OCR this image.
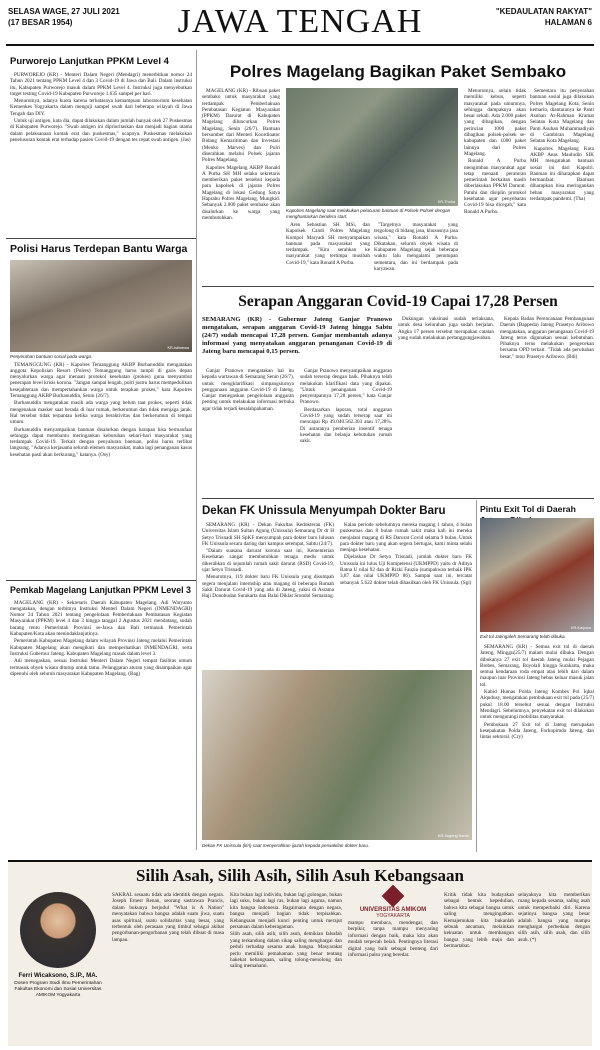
SELASA WAGE, 27 JULI 2021
(17 BESAR 1954)	JAWA TENGAH	"KEDAULATAN RAKYAT"
HALAMAN 6
Purworejo Lanjutkan PPKM Level 4

PURWOREJO (KR) - Menteri Dalam Negeri (Mendagri) menerbitkan nomor 24 Tahun 2021 tentang PPKM Level 4 dan 3 Covid-19 di Jawa dan Bali. Dalam instruksi itu, Kabupaten Purworejo masuk dalam PPKM Level 4. Instruksi juga menyebutkan target testing Covid-19 Kabupaten Purworejo 1.635 sampel per hari.

Menurutnya, adanya kuota karena terbatasnya kemampuan laboratorium kesehatan Kemenkes Yogyakarta dalam menguji sampel swab dari beberapa wilayah di Jawa Tengah dan DIY.

Untuk uji antigen, kata dia, dapat dilakukan dalam jumlah banyak oleh 27 Puskesmas di Kabupaten Purworejo. "Swab antigen ini diprioritaskan dan menjadi bagian utama dalam pelaksanaan kontak erat dan puskesmas," ucapnya. Puskesmas melakukan penelusuran kontak erat terhadap pasien Covid-19 dengan tes cepat swab antigen. (Jas)

Polisi Harus Terdepan Bantu Warga
KR-Istimewa
Penyerahan bantuan sosial pada warga.

TEMANGGUNG (KR) - Kapolres Temanggung AKBP Burhanuddin mengatakan anggota Kepolisian Resort (Polres) Temanggung harus tampil di garis depan menyalurkan warga agar menaati protokol kesehatan (prokes) guna menyambut penerapan level krisis korona. "Jangan sampai lengah, polri justru harus mempedulikan kesejahteraan dan mempertahankan warga untuk terapkan prokes," kata Kapolres Temanggung AKBP Burhanuddin, Senin (26/7).

Burhanuddin mengatakan masih ada warga yang belum taat prokes, seperti tidak mengenakan masker saat berada di luar rumah, berkerumun dan tidak menjaga jarak. Hal tersebut tidak terpantau ketika warga beraktivitas dan berkerumun di tempat umum.

Burhanuddin menyampaikan bantuan disalurkan dengan harapan bisa bermanfaat sehingga dapat membantu meringankan kebutuhan sehari-hari masyarakat yang terdampak Covid-19. Terkait dengan penyaluran bantuan, polisi harus terlibat langsung. "Adanya kerjasama seluruh elemen masyarakat, maka lagi penanganan kasus kesehatan pasti akan berkurang," katanya. (Osy)

Pemkab Magelang Lanjutkan PPKM Level 3

MAGELANG (KR) - Sekretaris Daerah Kabupaten Magelang, Adi Waryanto mengatakan, dengan terbitnya Instruksi Menteri Dalam Negeri (INMENDAGRI) Nomor 24 Tahun 2021 tentang pengelolaan Pemberlakuan Pembatasan Kegiatan Masyarakat (PPKM) level 4 dan 3 hingga tanggal 2 Agustus 2021 mendatang, sudah barang tentu Pemerintah Provinsi se-Jawa dan Bali termasuk Pemerintah Kabupaten/Kota akan menindaklanjutinya.

Pemerintah Kabupaten Magelang dalam wilayah Provinsi Jateng melalui Pemerintah Kabupaten Magelang akan mengikuti dan memperhatikan INMENDAGRI, serta Instruksi Gubernur Jateng. Kabupaten Magelang masuk dalam level 3.

Adi menegaskan, sesuai Instruksi Menteri Dalam Negeri tempat fasilitas umum termasuk obyek wisata ditutup untuk tamu. Pelanggaran aturan yang disampaikan agar dipenuhi oleh seluruh masyarakat Kabupaten Magelang. (Bag)

Polres Magelang Bagikan Paket Sembako

MAGELANG (KR) - Ribuan paket sembako untuk masyarakat yang terdampak Pemberlakuan Pembatasan Kegiatan Masyarakat (PPKM) Darurat di Kabupaten Magelang diluncurkan Polres Magelang, Senin (26/7). Bantuan bersumber dari Menteri Koordinator Bidang Kemaritiman dan Investasi (Menko Marves) dan Polri diserahkan melalui Polsek jajaran Polres Magelang.

Kapolres Magelang AKBP Ronald A Purba SH MH selaku sekretaris memberikan paket tersebut kepada para kapolsek di jajaran Polres Magelang di lokasi Gedung Satya Haprabu Polres Magelang, Mungkid. Sebanyak 2.000 paket sembako akan disalurkan ke warga yang membutuhkan.

KR-Thoha
Kapolres Magelang saat melakukan pelucuran bantuan di Polsek-Polsek dengan menghantarkan bendera start.

Aren Sebastian SH MSi, dan Kapolsek Candi Polres Magelang Kompol Maryadi SH menyampaikan bantuan pada masyarakat yang terdampak. "Kita serahkan ke masyarakat yang tertimpa musibah Covid-19," kata Ronald A Purba.

"Targetnya masyarakat yang tergolong di bidang jasa, khususnya jasa wisata," kata Ronald A Purba. Dikatakan, seluruh obyek wisata di Kabupaten Magelang sejak beberapa waktu lalu mengalami penutupan sementara, dan ini berdampak pada karyawan.

Menurutnya, selain tidak memiliki kebun, seperti masyarakat pada umumnya, sehingga dampaknya akan besar sekali. Ada 2.000 paket yang dibagikan, dengan perincian 1000 paket dibagikan polsek-polsek se-kabupaten dan 1000 paket lainnya dari Polres Magelang.

Ronald A Purba mengimbau masyarakat agar tetap menaati peraturan pemerintah berkaitan masih diberlakukan PPKM Darurat. Patuhi dan disiplin protokol kesehatan agar penyebaran Covid-19 bisa dicegah," kata Ronald A Purba.

Sementara itu penyerahan bantuan sosial juga dilakukan Polres Magelang Kota, Senin kemarin, diantaranya ke Panti Asuhan Ar-Rahman Kramat Selatan Kota Magelang dan Panti Asuhan Muhammadiyah di Gambiran Magelang Selatan Kota Magelang.

Kapolres Magelang Kota AKBP Aeas Mauludin SIK MH mengatakan bantuan sosial ini dari Kapolri. Bantuan ini diharapkan dapat bermanfaat. Bantuan diharapkan bisa meringankan beban masyarakat yang terdampak pandemi. (Tha)

Serapan Anggaran Covid-19 Capai 17,28 Persen
SEMARANG (KR) - Gubernur Jateng Ganjar Pranowo mengatakan, serapan anggaran Covid-19 Jateng hingga Sabtu (24/7) sudah mencapai 17,28 persen. Ganjar membantah adanya informasi yang menyatakan anggaran penanganan Covid-19 di Jateng baru mencapai 0,15 persen.

Ganjar Pranowo mengatakan hal itu kepada wartawan di Semarang Senin (26/7), untuk mengklarifikasi simpangsiurnya penggunaan anggaran Covid-19 di Jateng. Ganjar menegaskan pengelolaan anggaran penting untuk melakukan informasi terbuka agar tidak terjadi kesalahpahaman.

Ganjar Pranowo menyampaikan anggaran sudah terserap dengan baik. Pihaknya telah melakukan klarifikasi data yang dipakai. "Untuk penanganan Covid-19 penyerapannya 17,28 persen," kata Ganjar Pranowo.

Berdasarkan laporan, total anggaran Covid-19 yang sudah terserap saat ini mencapai Rp 49.040.562.303 atau 17,28%. Di antaranya pemberian insentif tenaga kesehatan dan belanja kebutuhan rumah sakit.

Dukungan vaksinasi sudah terlaksana, untuk desa kelurahan juga sudah berjalan. Angka 17 persen tersebut merupakan catatan yang sudah melakukan pertanggungjawaban.

Kepala Badan Perencanaan Pembangunan Daerah (Bappeda) Jateng Prasetyo Aribowo mengatakan, anggaran penanganan Covid-19 Jateng terus digunakan sesuai kebutuhan. Pihaknya terus melakukan pengecekan bersama OPD terkait. "Tidak ada perubahan besar," tutur Prasetyo Aribowo. (Bdi)

Dekan FK Unissula Menyumpah Dokter Baru

SEMARANG (KR) - Dekan Fakultas Kedokteran (FK) Universitas Islam Sultan Agung (Unissula) Semarang Dr dr H Setyo Trisnadi SH SpKF menyumpah para dokter baru lulusan FK Unissula secara daring dari kampus setempat, Sabtu (24/7).

"Dalam suasana darurat korona saat ini, Kementerian Kesehatan sangat membutuhkan tenaga medis untuk dikerahkan di sejumlah rumah sakit darurat (RSD) Covid-19, ujar Setyo Trisnadi.

Menurutnya, 119 dokter baru FK Unissula yang disumpah segera menjalani internship atau magang di beberapa Rumah Sakit Darurat Covid-19 yang ada di Jateng, yakni di Asrama Haji Donohudan Surakarta dan Balai Diklat Srondol Semarang.

Kalau periode sebelumnya mereka magang 1 tahun, 4 bulan puskesmas dan 8 bulan rumah sakit maka kali ini mereka menjalani magang di RS Darurat Covid selama 9 bulan. Untuk para dokter baru yang akan segera bertugas, kami minta selalu menjaga kesehatan.

Dijelaskan Dr Setyo Trisnadi, jumlah dokter baru FK Unissula ini lulus Uji Kompetensi (UKMPPD) yaitu dr Aditya Ratna U nilai 92 dan dr Rizki Fauzia (sumpahwan terbaik IPK 3,87 dan nilai UKMPPD 86). Sampai saat ini, tercatat sebanyak 5.622 dokter telah dihasilkan oleh FK Unissula. (Sgi)

KR-Sugeng Hardo
Dekan FK Unissula (kiri) saat menyerahkan ijazah kepada perwakilan dokter baru.
Pintu Exit Tol di Daerah
KR-Kaiyoso
Exit tol Jatingaleh Semarang telah dibuka.

SEMARANG (KR) - Semua exit tol di daerah Jateng, Minggu(25/7) malam mulai dibuka. Dengan dibukanya 27 exit tol daerah Jateng mulai Pejagan Brebes, Semarang, Boyolali hingga Surakarta, maka semua kendaraan roda empat atau lebih dari dalam maupun luar Provinsi Jateng bebas keluar masuk jalan tol.

Kabid Humas Polda Jateng Kombes Pol Iqbal Alqudusy, mengatakan pembukaan exit tol pada (25/7) pukul 18.00 tersebut sesuai dengan Instruksi Mendagri. Sebelumnya, penyekatan exit tol dilakukan untuk mengurangi mobilitas masyarakat.

Pembukaan 27 Exit tol di Jateng merupakan kesepakatan Polda Jateng, Forkopimda Jateng, dan lintas sektoral. (Cry)

Silih Asah, Silih Asih, Silih Asuh Kebangsaan
Ferri Wicaksono, S.IP., MA.
Dosen Program Studi Ilmu Pemerintahan Fakultas Ekonomi dan Sosial Universitas AMIKOM Yogyakarta

SAKRAL sesuatu tidak ada identitik dengan negara. Joseph Ernest Renan, seorang sastrawan Prancis, dalam bukunya berjudul "What is A Nation" menyatakan bahwa bangsa adalah suatu jiwa, suatu asas spiritual, suatu solidaritas yang besar, yang terbentuk oleh perasaan yang timbul sebagai akibat pengorbanan-pengorbanan yang telah dibuat di masa lampau.

Kita bukan lagi individu, bukan lagi golongan, bukan lagi suku, bukan lagi ras, bukan lagi agama, namun kita bangsa Indonesia. Bagaimana dengan negara, bangsa menjadi bagian tidak terpisahkan. Kebangsaan menjadi kunci penting untuk merajut persatuan dalam keberagaman.

Silih asah, silih asih, silih asuh, demikian falsafah yang terkandung dalam sikap saling menghargai dan peduli terhadap sesama anak bangsa. Masyarakat perlu memiliki pemahaman yang benar tentang hakekat kebangsaan, saling tolong-menolong dan saling memahami.

UNIVERSITAS AMIKOM
YOGYAKARTA

mampu membaca, mendengar, dan berpikir, tanpa mampu menyaring informasi dengan baik, maka kita akan mudah terpecah belah. Pentingnya literasi digital yang baik sebagai benteng dari informasi palsu yang beredar.

Kritik tidak kita budayakan sebagai bentuk kepedulian, bahwa kita sebagai bangsa untuk saling mengingatkan. Kemajemukan kita bukanlah sebuah ancaman, melainkan kekuatan untuk membangun bangsa yang lebih maju dan bermartabat.

selayaknya kita memberikan ruang kepada sesama, saling asah untuk memperbaiki diri. Karena sejatinya bangsa yang besar adalah bangsa yang mampu menghargai perbedaan dengan silih asih, silih asah, dan silih asuh. (*)
